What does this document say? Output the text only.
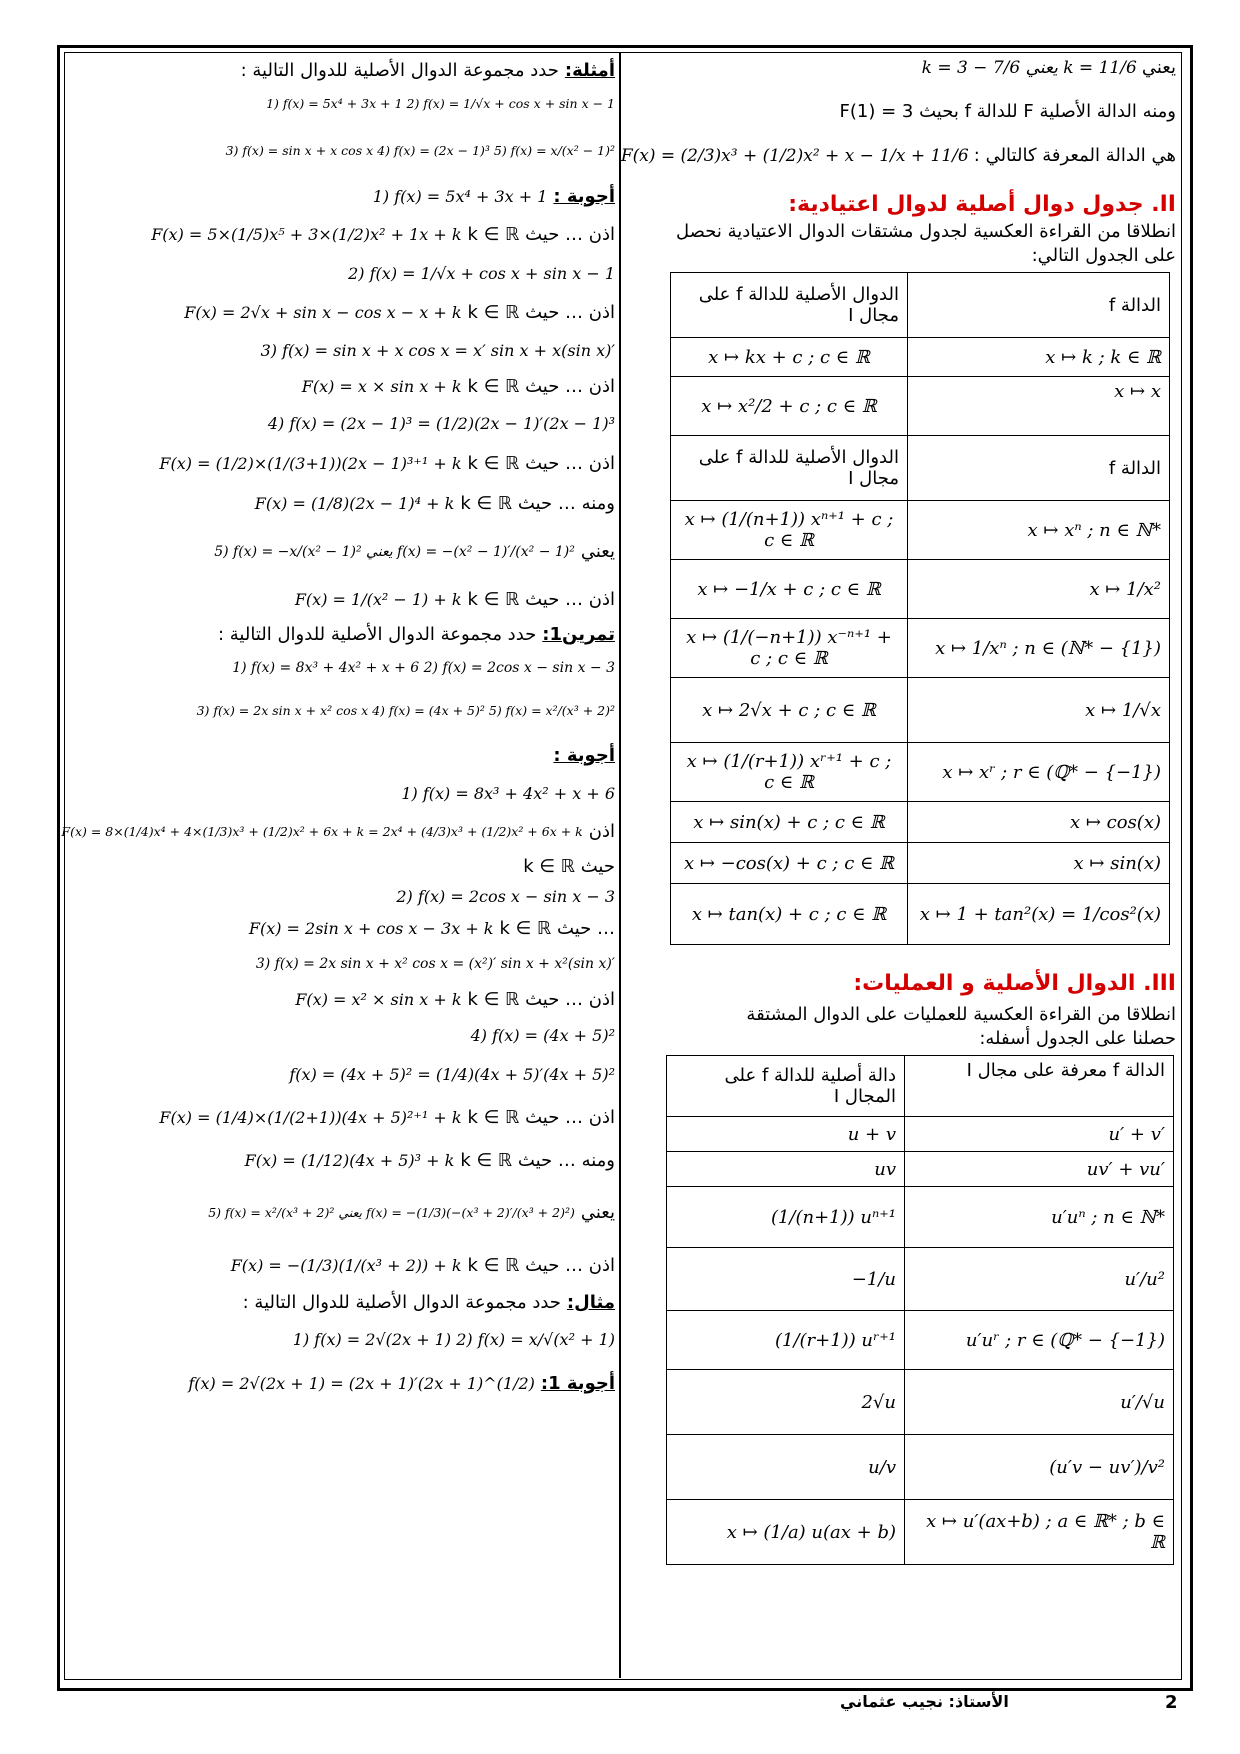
يعني k = 3 − 7/6 يعني k = 11/6
ومنه الدالة الأصلية F للدالة f بحيث F(1) = 3
هي الدالة المعرفة كالتالي : F(x) = (2/3)x³ + (1/2)x² + x − 1/x + 11/6
II. جدول دوال أصلية لدوال اعتيادية:
انطلاقا من القراءة العكسية لجدول مشتقات الدوال الاعتيادية نحصل
على الجدول التالي:
الدالة f	الدوال الأصلية للدالة f على مجال I
x ↦ k ; k ∈ ℝ	x ↦ kx + c ; c ∈ ℝ
x ↦ x	x ↦ x²/2 + c ; c ∈ ℝ
الدالة f	الدوال الأصلية للدالة f على مجال I
x ↦ xⁿ ; n ∈ ℕ*	x ↦ (1/(n+1)) xⁿ⁺¹ + c ; c ∈ ℝ
x ↦ 1/x²	x ↦ −1/x + c ; c ∈ ℝ
x ↦ 1/xⁿ ; n ∈ (ℕ* − {1})	x ↦ (1/(−n+1)) x⁻ⁿ⁺¹ + c ; c ∈ ℝ
x ↦ 1/√x	x ↦ 2√x + c ; c ∈ ℝ
x ↦ xʳ ; r ∈ (ℚ* − {−1})	x ↦ (1/(r+1)) xʳ⁺¹ + c ; c ∈ ℝ
x ↦ cos(x)	x ↦ sin(x) + c ; c ∈ ℝ
x ↦ sin(x)	x ↦ −cos(x) + c ; c ∈ ℝ
x ↦ 1 + tan²(x) = 1/cos²(x)	x ↦ tan(x) + c ; c ∈ ℝ
III. الدوال الأصلية و العمليات:
انطلاقا من القراءة العكسية للعمليات على الدوال المشتقة
حصلنا على الجدول أسفله:
الدالة f معرفة على مجال I	دالة أصلية للدالة f على المجال I
u′ + v′	u + v
uv′ + vu′	uv
u′uⁿ ; n ∈ ℕ*	(1/(n+1)) uⁿ⁺¹
u′/u²	−1/u
u′uʳ ; r ∈ (ℚ* − {−1})	(1/(r+1)) uʳ⁺¹
u′/√u	2√u
(u′v − uv′)/v²	u/v
x ↦ u′(ax+b) ; a ∈ ℝ* ; b ∈ ℝ	x ↦ (1/a) u(ax + b)
أمثلة:
حدد مجموعة الدوال الأصلية للدوال التالية :
1) f(x) = 5x⁴ + 3x + 1 2) f(x) = 1/√x + cos x + sin x − 1
3) f(x) = sin x + x cos x 4) f(x) = (2x − 1)³ 5) f(x) = x/(x² − 1)²
أجوبة :
1) f(x) = 5x⁴ + 3x + 1
اذن … حيث k ∈ ℝ
F(x) = 5×(1/5)x⁵ + 3×(1/2)x² + 1x + k
2) f(x) = 1/√x + cos x + sin x − 1
اذن … حيث k ∈ ℝ
F(x) = 2√x + sin x − cos x − x + k
3) f(x) = sin x + x cos x = x′ sin x + x(sin x)′
اذن … حيث k ∈ ℝ
F(x) = x × sin x + k
4) f(x) = (2x − 1)³ = (1/2)(2x − 1)′(2x − 1)³
اذن … حيث k ∈ ℝ
F(x) = (1/2)×(1/(3+1))(2x − 1)³⁺¹ + k
ومنه … حيث k ∈ ℝ
F(x) = (1/8)(2x − 1)⁴ + k
يعني
5) f(x) = −x/(x² − 1)² يعني f(x) = −(x² − 1)′/(x² − 1)²
اذن … حيث k ∈ ℝ
F(x) = 1/(x² − 1) + k
تمرين1:
حدد مجموعة الدوال الأصلية للدوال التالية :
1) f(x) = 8x³ + 4x² + x + 6 2) f(x) = 2cos x − sin x − 3
3) f(x) = 2x sin x + x² cos x 4) f(x) = (4x + 5)² 5) f(x) = x²/(x³ + 2)²
أجوبة :
1) f(x) = 8x³ + 4x² + x + 6
اذن
F(x) = 8×(1/4)x⁴ + 4×(1/3)x³ + (1/2)x² + 6x + k = 2x⁴ + (4/3)x³ + (1/2)x² + 6x + k
حيث k ∈ ℝ
2) f(x) = 2cos x − sin x − 3
… حيث k ∈ ℝ
F(x) = 2sin x + cos x − 3x + k
3) f(x) = 2x sin x + x² cos x = (x²)′ sin x + x²(sin x)′
اذن … حيث k ∈ ℝ
F(x) = x² × sin x + k
4) f(x) = (4x + 5)²
f(x) = (4x + 5)² = (1/4)(4x + 5)′(4x + 5)²
اذن … حيث k ∈ ℝ
F(x) = (1/4)×(1/(2+1))(4x + 5)²⁺¹ + k
ومنه … حيث k ∈ ℝ
F(x) = (1/12)(4x + 5)³ + k
يعني
5) f(x) = x²/(x³ + 2)² يعني f(x) = −(1/3)(−(x³ + 2)′/(x³ + 2)²)
اذن … حيث k ∈ ℝ
F(x) = −(1/3)(1/(x³ + 2)) + k
مثال:
حدد مجموعة الدوال الأصلية للدوال التالية :
1) f(x) = 2√(2x + 1) 2) f(x) = x/√(x² + 1)
أجوبة 1:
f(x) = 2√(2x + 1) = (2x + 1)′(2x + 1)^(1/2)
2
الأستاذ: نجيب عثماني
